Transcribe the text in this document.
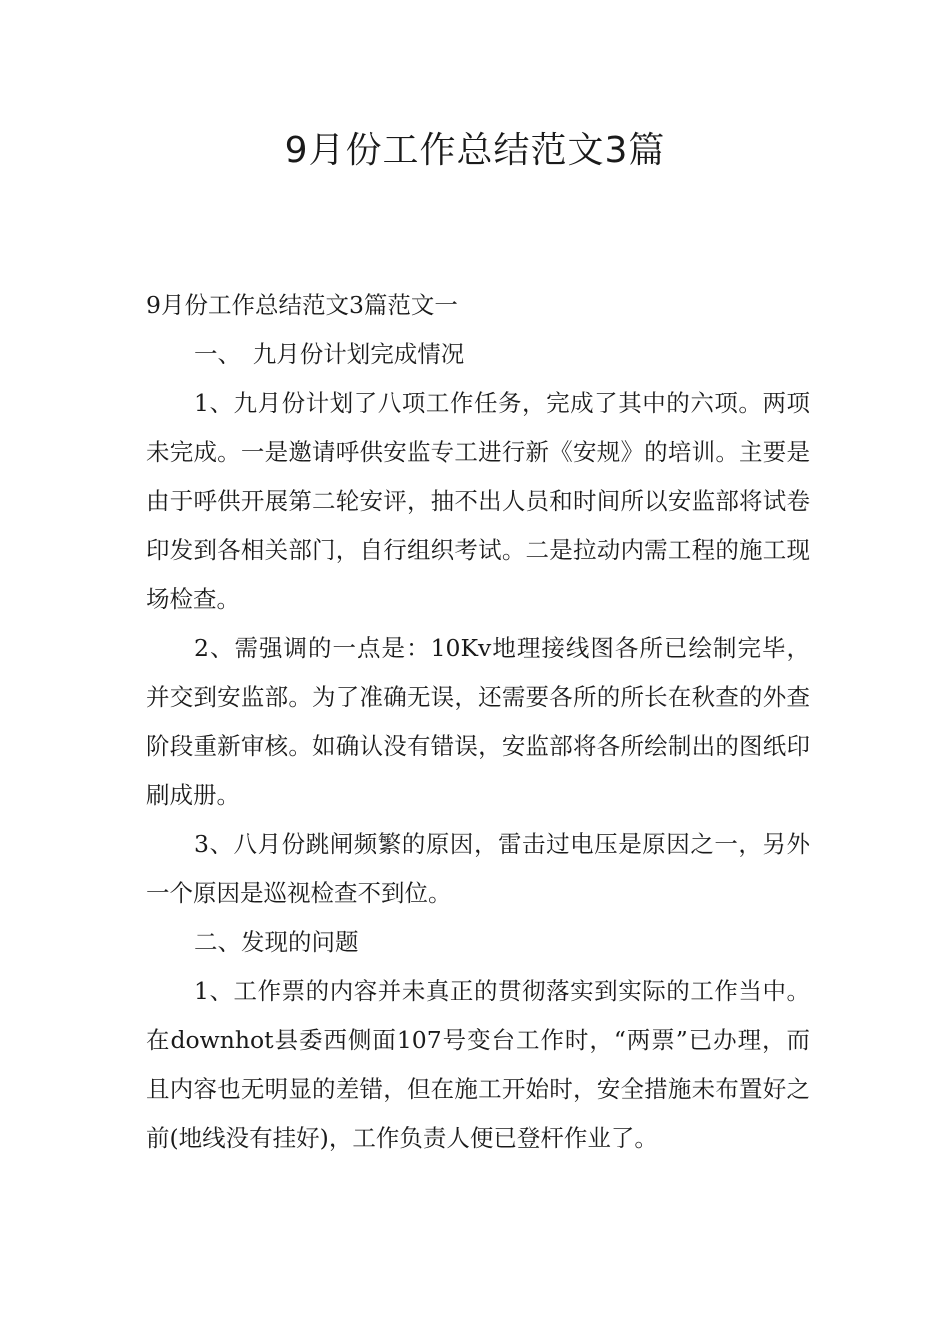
9月份工作总结范文3篇

9月份工作总结范文3篇范文一

一、　九月份计划完成情况

1、九月份计划了八项工作任务，完成了其中的六项。两项未完成。一是邀请呼供安监专工进行新《安规》的培训。主要是由于呼供开展第二轮安评，抽不出人员和时间所以安监部将试卷印发到各相关部门，自行组织考试。二是拉动内需工程的施工现场检查。

2、需强调的一点是：10Kv地理接线图各所已绘制完毕，并交到安监部。为了准确无误，还需要各所的所长在秋查的外查阶段重新审核。如确认没有错误，安监部将各所绘制出的图纸印刷成册。

3、八月份跳闸频繁的原因，雷击过电压是原因之一，另外一个原因是巡视检查不到位。

二、发现的问题

1、工作票的内容并未真正的贯彻落实到实际的工作当中。在downhot县委西侧面107号变台工作时，“两票”已办理，而且内容也无明显的差错，但在施工开始时，安全措施未布置好之前(地线没有挂好)，工作负责人便已登杆作业了。
